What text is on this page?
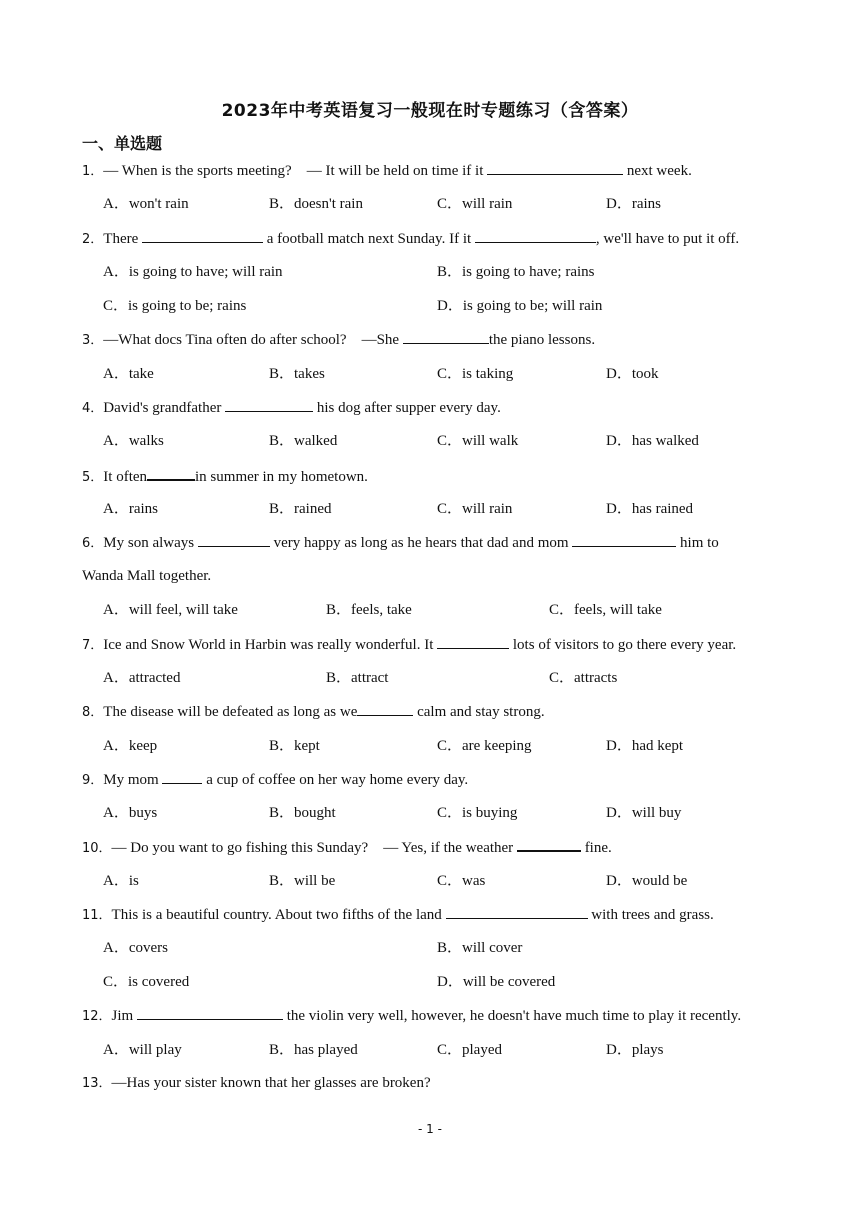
2023年中考英语复习一般现在时专题练习（含答案）
一、单选题
1．— When is the sports meeting?　— It will be held on time if it	next week.
A．won't rain	B．doesn't rain	C．will rain	D．rains
2．There	a football match next Sunday. If it	, we'll have to put it off.
A．is going to have; will rain	B．is going to have; rains
C．is going to be; rains	D．is going to be; will rain
3．—What docs Tina often do after school?　—She	the piano lessons.
A．take	B．takes	C．is taking	D．took
4．David's grandfather	his dog after supper every day.
A．walks	B．walked	C．will walk	D．has walked
5．It often	in summer in my hometown.
A．rains	B．rained	C．will rain	D．has rained
6．My son always	very happy as long as he hears that dad and mom	him to
Wanda Mall together.
A．will feel, will take	B．feels, take	C．feels, will take
7．Ice and Snow World in Harbin was really wonderful. It	lots of visitors to go there every year.
A．attracted	B．attract	C．attracts
8．The disease will be defeated as long as we	calm and stay strong.
A．keep	B．kept	C．are keeping	D．had kept
9．My mom	a cup of coffee on her way home every day.
A．buys	B．bought	C．is buying	D．will buy
10．— Do you want to go fishing this Sunday?　— Yes, if the weather	fine.
A．is	B．will be	C．was	D．would be
11．This is a beautiful country. About two fifths of the land	with trees and grass.
A．covers	B．will cover
C．is covered	D．will be covered
12．Jim	the violin very well, however, he doesn't have much time to play it recently.
A．will play	B．has played	C．played	D．plays
13．—Has your sister known that her glasses are broken?
- 1 -
